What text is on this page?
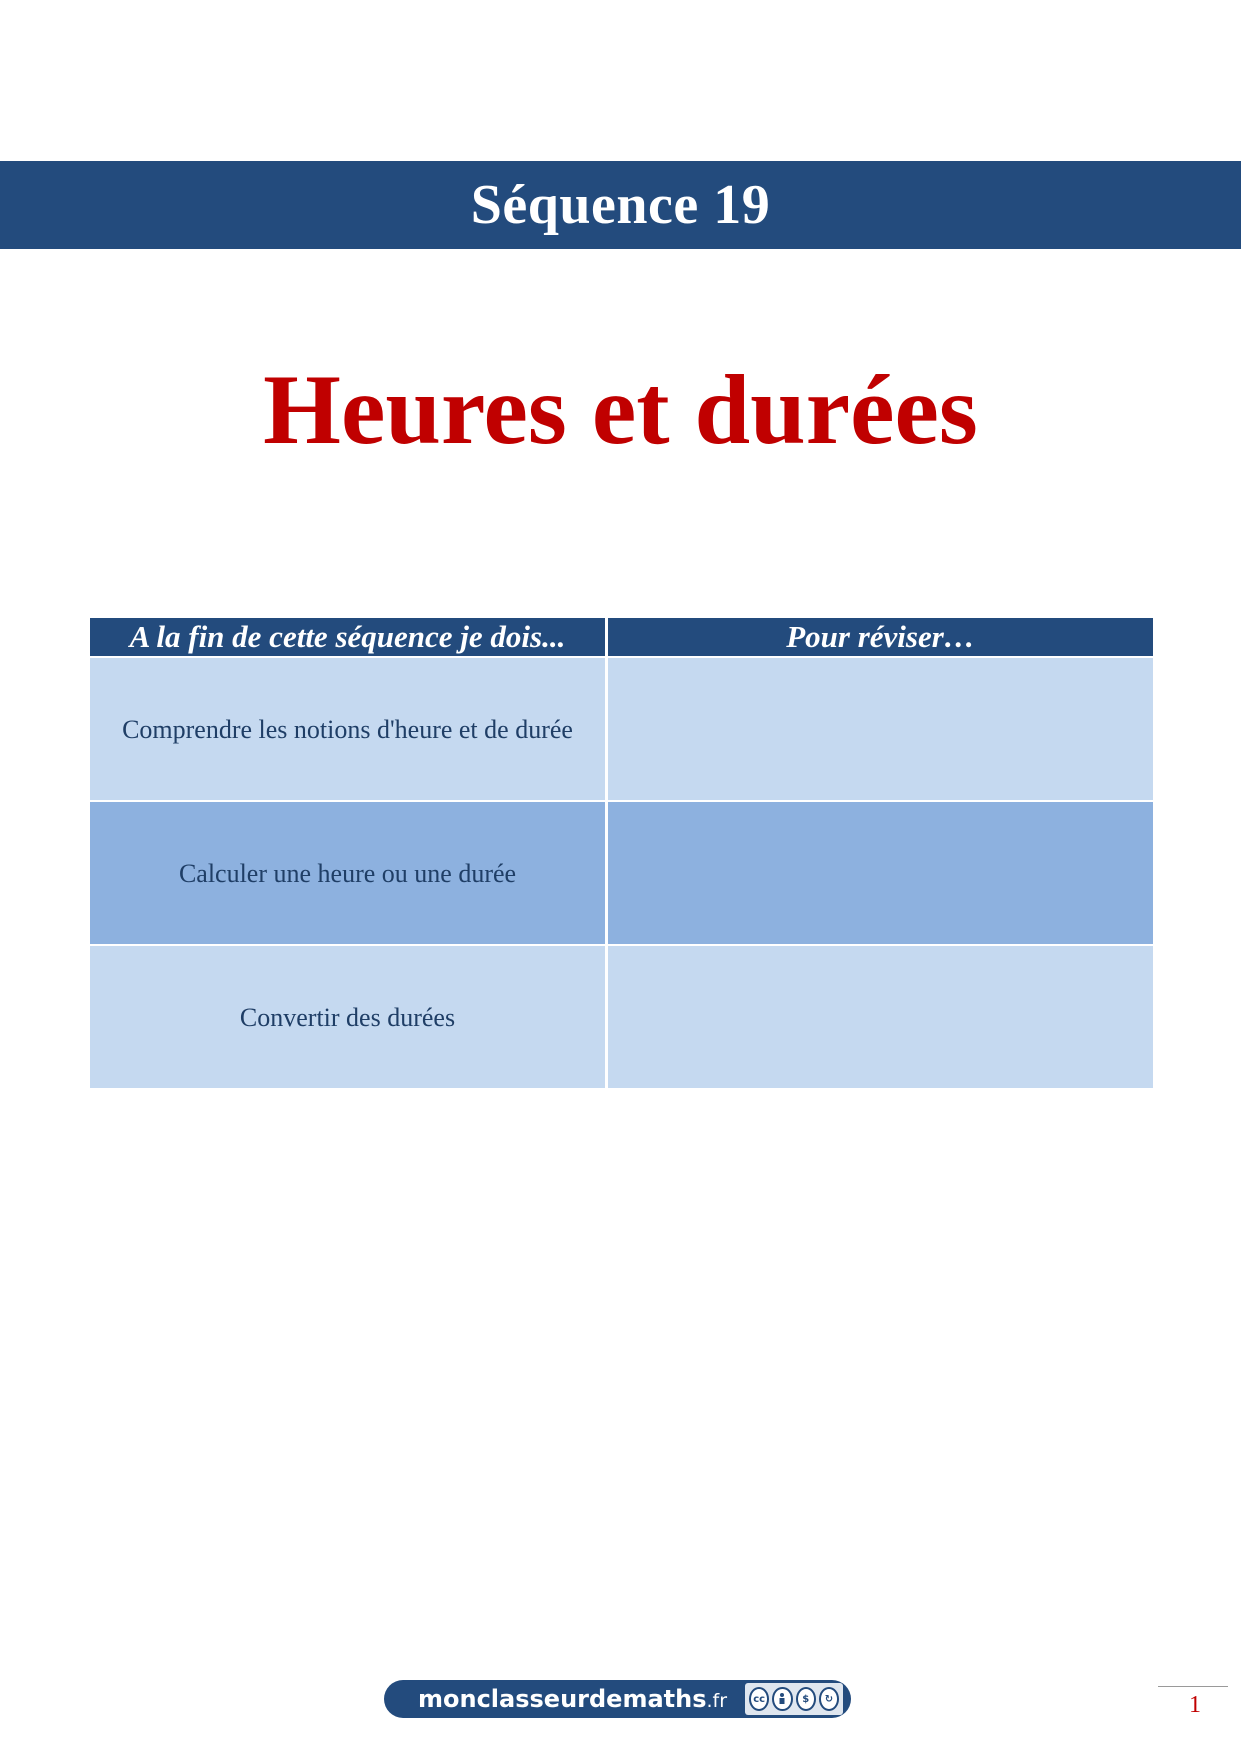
Séquence 19
Heures et durées
A la fin de cette séquence je dois...	Pour réviser…
Comprendre les notions d'heure et de durée
Calculer une heure ou une durée
Convertir des durées
monclasseurdemaths.fr	cc	$	↻	1
